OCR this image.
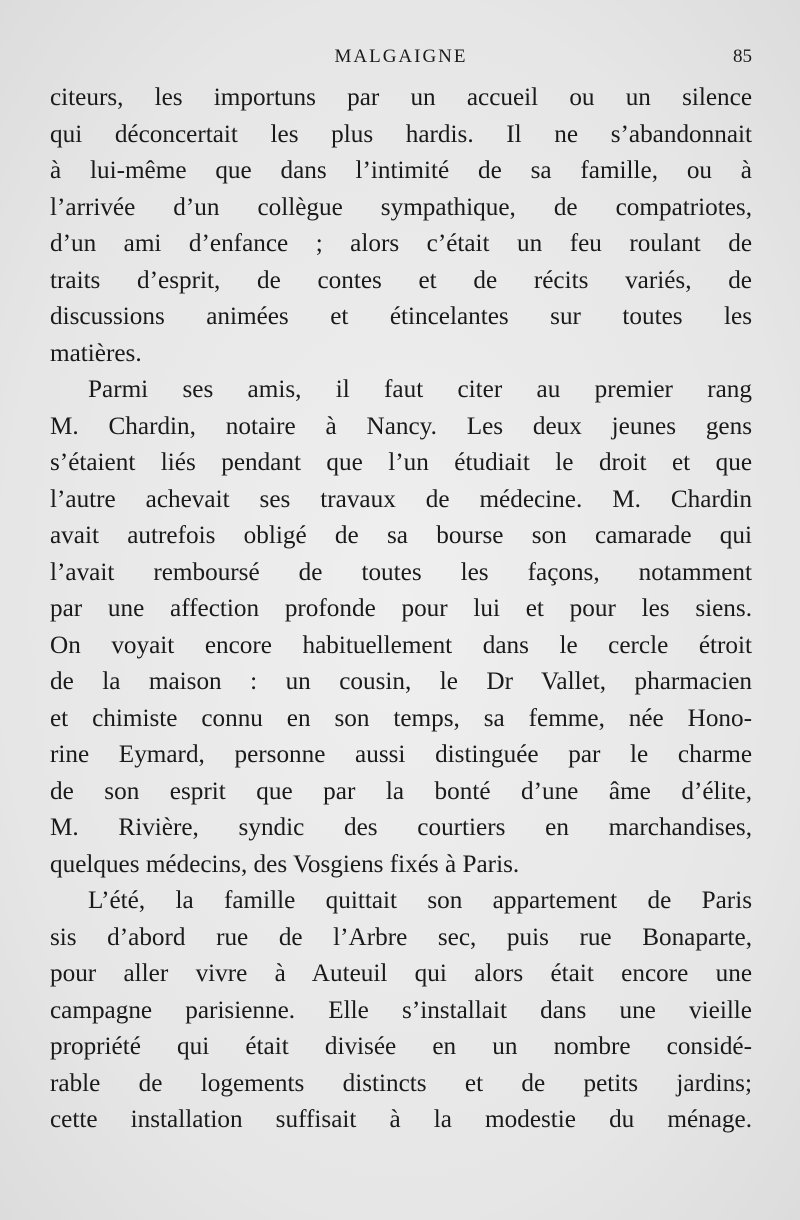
MALGAIGNE	85
citeurs, les importuns par un accueil ou un silence
qui déconcertait les plus hardis. Il ne s’abandonnait
à lui-même que dans l’intimité de sa famille, ou à
l’arrivée d’un collègue sympathique, de compatriotes,
d’un ami d’enfance ; alors c’était un feu roulant de
traits d’esprit, de contes et de récits variés, de
discussions animées et étincelantes sur toutes les
matières.
Parmi ses amis, il faut citer au premier rang
M. Chardin, notaire à Nancy. Les deux jeunes gens
s’étaient liés pendant que l’un étudiait le droit et que
l’autre achevait ses travaux de médecine. M. Chardin
avait autrefois obligé de sa bourse son camarade qui
l’avait remboursé de toutes les façons, notamment
par une affection profonde pour lui et pour les siens.
On voyait encore habituellement dans le cercle étroit
de la maison : un cousin, le Dr Vallet, pharmacien
et chimiste connu en son temps, sa femme, née Hono-
rine Eymard, personne aussi distinguée par le charme
de son esprit que par la bonté d’une âme d’élite,
M. Rivière, syndic des courtiers en marchandises,
quelques médecins, des Vosgiens fixés à Paris.
L’été, la famille quittait son appartement de Paris
sis d’abord rue de l’Arbre sec, puis rue Bonaparte,
pour aller vivre à Auteuil qui alors était encore une
campagne parisienne. Elle s’installait dans une vieille
propriété qui était divisée en un nombre considé-
rable de logements distincts et de petits jardins;
cette installation suffisait à la modestie du ménage.
